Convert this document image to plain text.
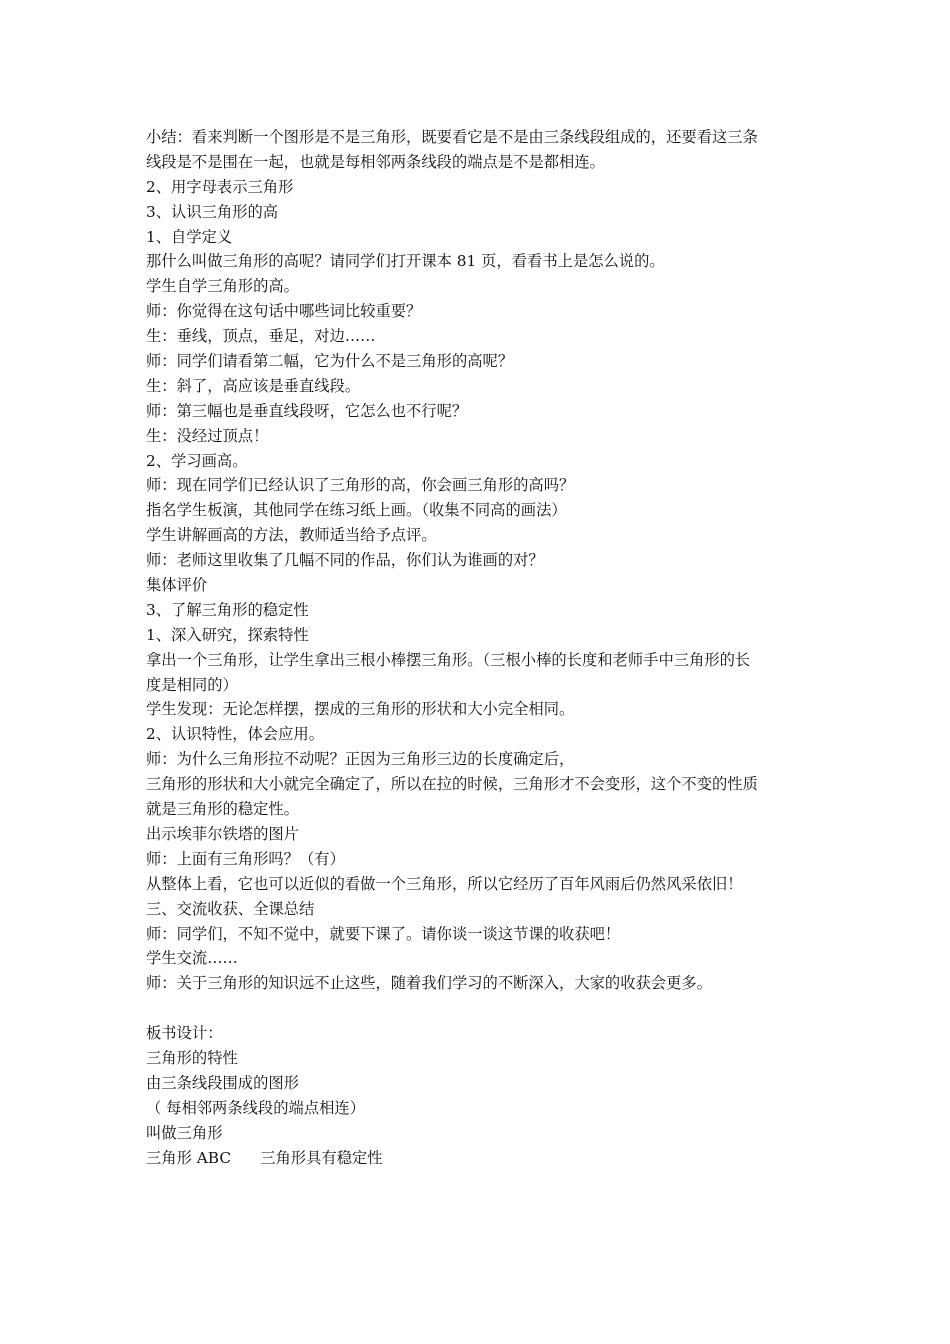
小结：看来判断一个图形是不是三角形，既要看它是不是由三条线段组成的，还要看这三条
线段是不是围在一起，也就是每相邻两条线段的端点是不是都相连。
2、用字母表示三角形
3、认识三角形的高
1、自学定义
那什么叫做三角形的高呢？请同学们打开课本 81 页，看看书上是怎么说的。
学生自学三角形的高。
师：你觉得在这句话中哪些词比较重要？
生：垂线，顶点，垂足，对边……
师：同学们请看第二幅，它为什么不是三角形的高呢？
生：斜了，高应该是垂直线段。
师：第三幅也是垂直线段呀，它怎么也不行呢？
生：没经过顶点！
2、学习画高。
师：现在同学们已经认识了三角形的高，你会画三角形的高吗？
指名学生板演，其他同学在练习纸上画。（收集不同高的画法）
学生讲解画高的方法，教师适当给予点评。
师：老师这里收集了几幅不同的作品，你们认为谁画的对？
集体评价
3、了解三角形的稳定性
1、深入研究，探索特性
拿出一个三角形，让学生拿出三根小棒摆三角形。（三根小棒的长度和老师手中三角形的长
度是相同的）
学生发现：无论怎样摆，摆成的三角形的形状和大小完全相同。
2、认识特性，体会应用。
师：为什么三角形拉不动呢？正因为三角形三边的长度确定后，
三角形的形状和大小就完全确定了，所以在拉的时候，三角形才不会变形，这个不变的性质
就是三角形的稳定性。
出示埃菲尔铁塔的图片
师：上面有三角形吗？（有）
从整体上看，它也可以近似的看做一个三角形，所以它经历了百年风雨后仍然风采依旧！
三、交流收获、全课总结
师：同学们，不知不觉中，就要下课了。请你谈一谈这节课的收获吧！
学生交流……
师：关于三角形的知识远不止这些，随着我们学习的不断深入，大家的收获会更多。
板书设计：
三角形的特性
由三条线段围成的图形
（ 每相邻两条线段的端点相连）
叫做三角形
三角形 ABC      三角形具有稳定性
